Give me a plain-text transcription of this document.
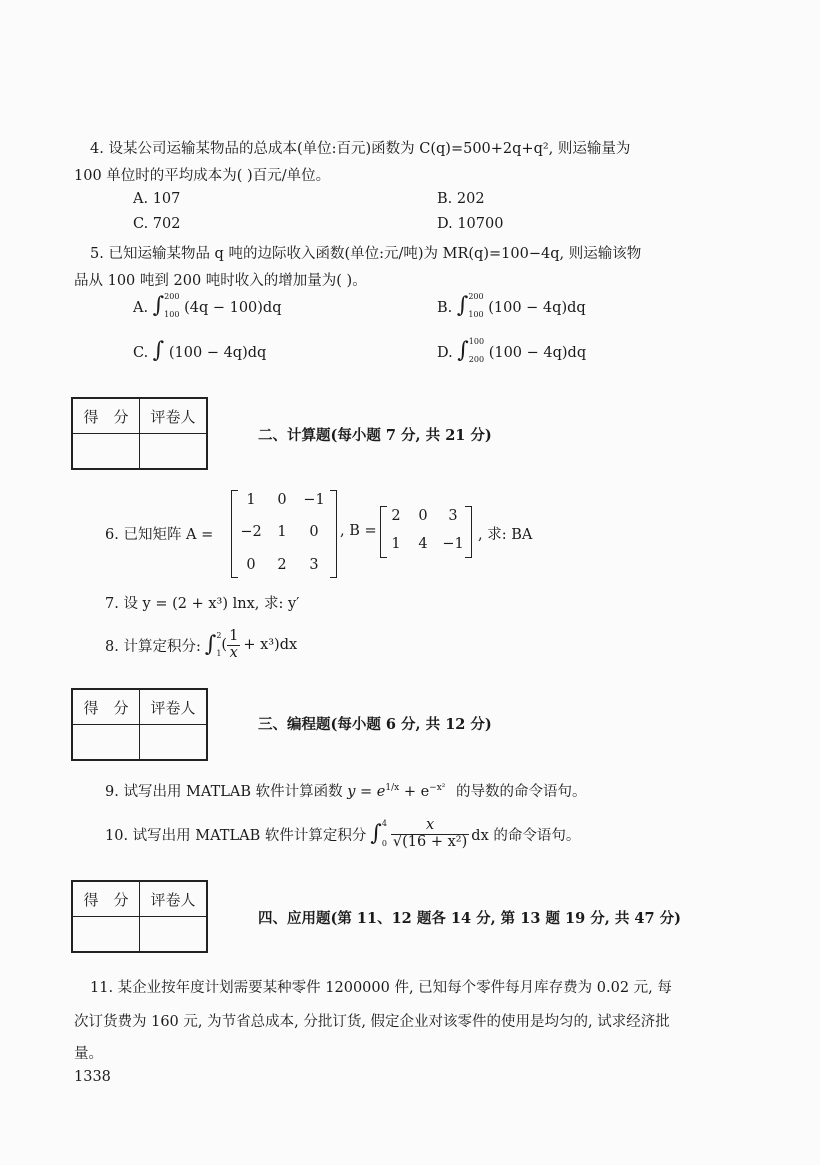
4. 设某公司运输某物品的总成本(单位:百元)函数为 C(q)=500+2q+q², 则运输量为
100 单位时的平均成本为( )百元/单位。
A. 107	B. 202
C. 702	D. 10700
5. 已知运输某物品 q 吨的边际收入函数(单位:元/吨)为 MR(q)=100−4q, 则运输该物
品从 100 吨到 200 吨时收入的增加量为( )。
A. ∫ 200
100 (4q − 100)dq	B. ∫ 200
100 (100 − 4q)dq
C. ∫ (100 − 4q)dq	D. ∫ 100
200 (100 − 4q)dq
得　分	评卷人

二、计算题(每小题 7 分, 共 21 分)
6. 已知矩阵 A =
1	0	−1
−2	1	0
0	2	3
, B =
2	0	3
1	4	−1
, 求: BA
7. 设 y = (2 + x³) lnx, 求: y′
8. 计算定积分: ∫ 2
1
( $\frac{1}{x} + x^3)dx$
得　分	评卷人

三、编程题(每小题 6 分, 共 12 分)
9. 试写出用 MATLAB 软件计算函数 $y = e^{1/x} + e^{-x^2}$ 的导数的命令语句。
10. 试写出用 MATLAB 软件计算定积分 ∫ 4
$0 \frac{x}{\text{√(16 + x²)}}$ dx 的命令语句。
得　分	评卷人

四、应用题(第 11、12 题各 14 分, 第 13 题 19 分, 共 47 分)
11. 某企业按年度计划需要某种零件 1200000 件, 已知每个零件每月库存费为 0.02 元, 每
次订货费为 160 元, 为节省总成本, 分批订货, 假定企业对该零件的使用是均匀的, 试求经济批
量。
1338
